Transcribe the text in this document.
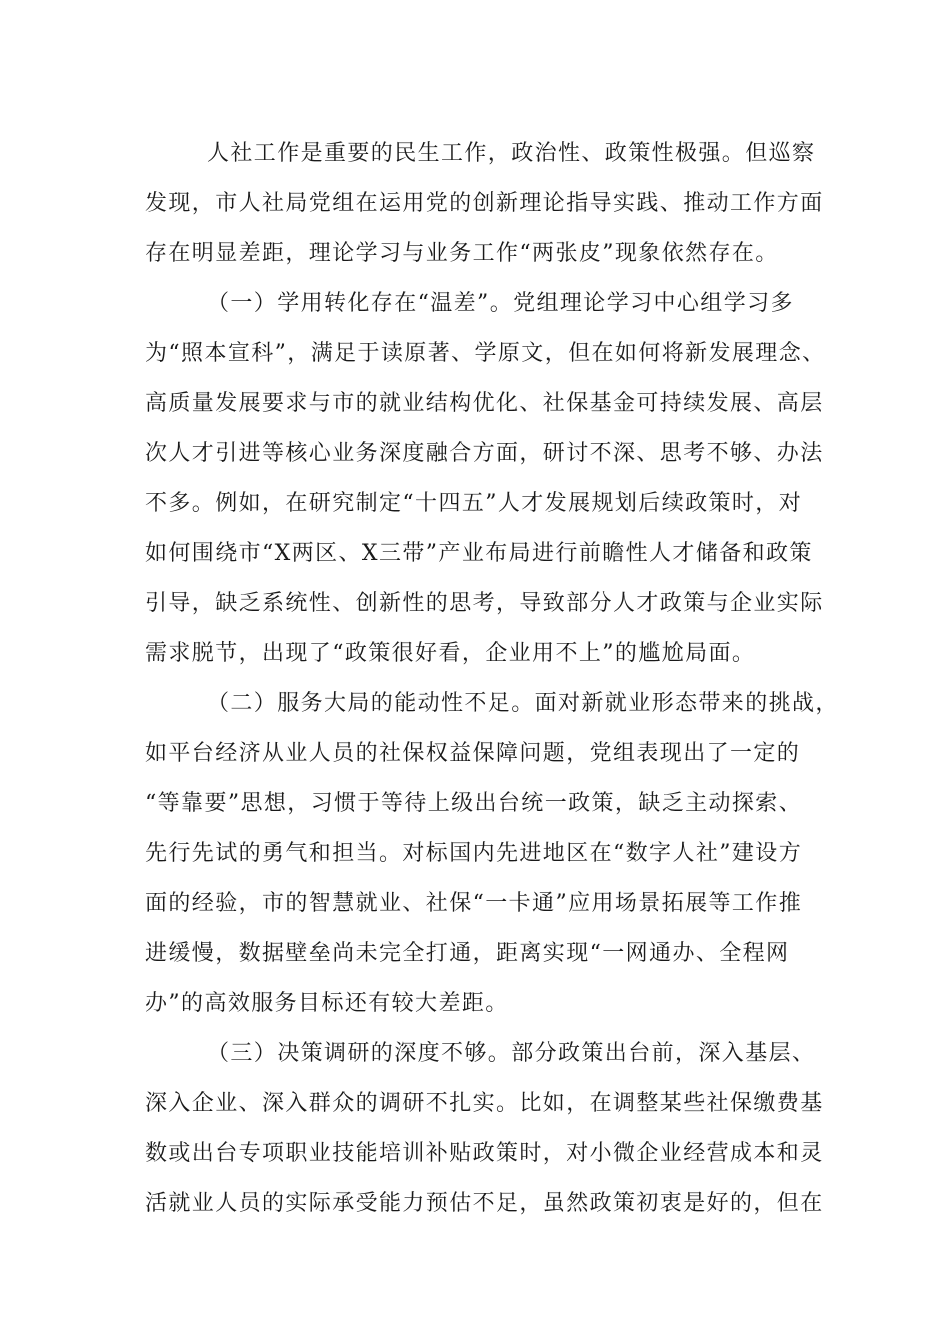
人社工作是重要的民生工作，政治性、政策性极强。但巡察
发现，市人社局党组在运用党的创新理论指导实践、推动工作方面
存在明显差距，理论学习与业务工作“两张皮”现象依然存在。
（一）学用转化存在“温差”。党组理论学习中心组学习多
为“照本宣科”，满足于读原著、学原文，但在如何将新发展理念、
高质量发展要求与市的就业结构优化、社保基金可持续发展、高层
次人才引进等核心业务深度融合方面，研讨不深、思考不够、办法
不多。例如，在研究制定“十四五”人才发展规划后续政策时，对
如何围绕市“X两区、X三带”产业布局进行前瞻性人才储备和政策
引导，缺乏系统性、创新性的思考，导致部分人才政策与企业实际
需求脱节，出现了“政策很好看，企业用不上”的尴尬局面。
（二）服务大局的能动性不足。面对新就业形态带来的挑战，
如平台经济从业人员的社保权益保障问题，党组表现出了一定的
“等靠要”思想，习惯于等待上级出台统一政策，缺乏主动探索、
先行先试的勇气和担当。对标国内先进地区在“数字人社”建设方
面的经验，市的智慧就业、社保“一卡通”应用场景拓展等工作推
进缓慢，数据壁垒尚未完全打通，距离实现“一网通办、全程网
办”的高效服务目标还有较大差距。
（三）决策调研的深度不够。部分政策出台前，深入基层、
深入企业、深入群众的调研不扎实。比如，在调整某些社保缴费基
数或出台专项职业技能培训补贴政策时，对小微企业经营成本和灵
活就业人员的实际承受能力预估不足，虽然政策初衷是好的，但在
